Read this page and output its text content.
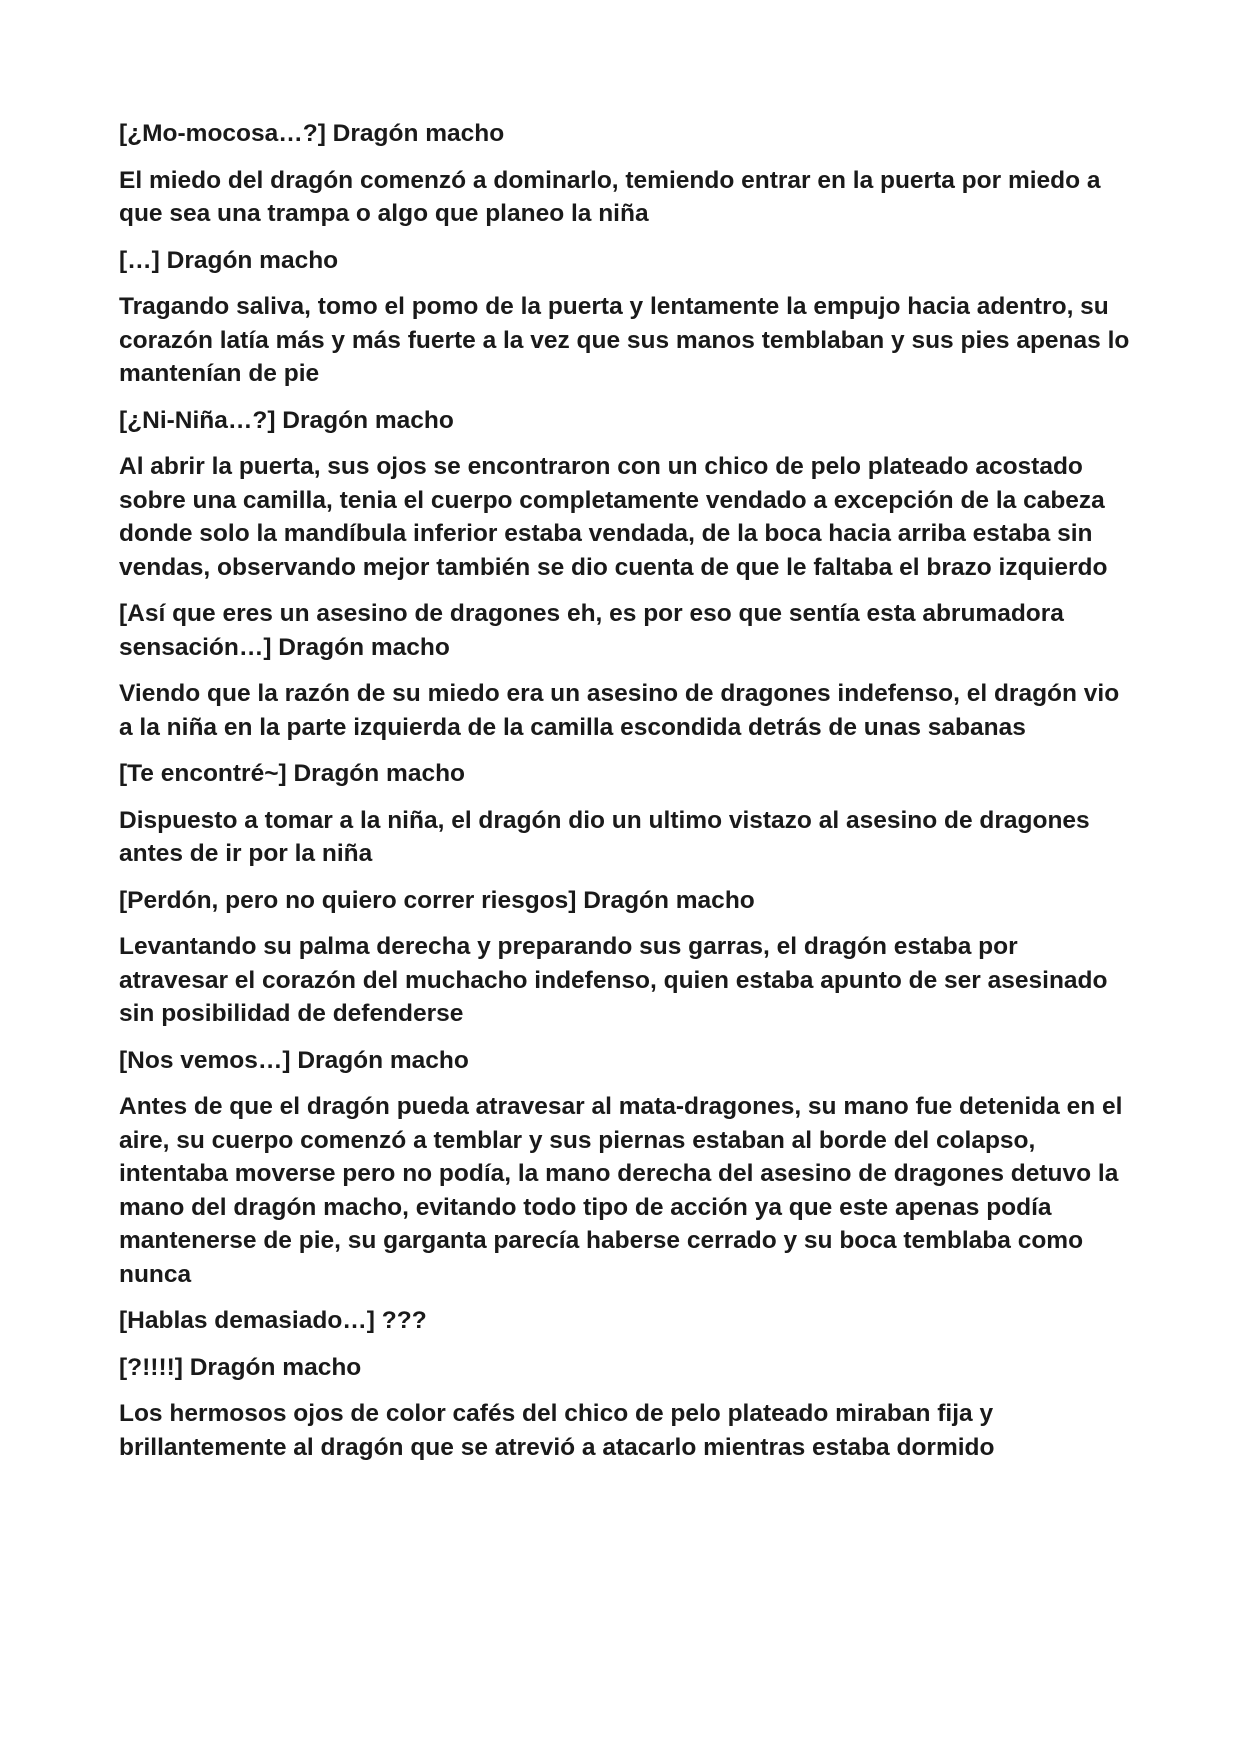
[¿Mo-mocosa…?] Dragón macho

El miedo del dragón comenzó a dominarlo, temiendo entrar en la puerta por miedo a que sea una trampa o algo que planeo la niña

[…] Dragón macho

Tragando saliva, tomo el pomo de la puerta y lentamente la empujo hacia adentro, su corazón latía más y más fuerte a la vez que sus manos temblaban y sus pies apenas lo mantenían de pie

[¿Ni-Niña…?] Dragón macho

Al abrir la puerta, sus ojos se encontraron con un chico de pelo plateado acostado sobre una camilla, tenia el cuerpo completamente vendado a excepción de la cabeza donde solo la mandíbula inferior estaba vendada, de la boca hacia arriba estaba sin vendas, observando mejor también se dio cuenta de que le faltaba el brazo izquierdo

[Así que eres un asesino de dragones eh, es por eso que sentía esta abrumadora sensación…] Dragón macho

Viendo que la razón de su miedo era un asesino de dragones indefenso, el dragón vio a la niña en la parte izquierda de la camilla escondida detrás de unas sabanas

[Te encontré~] Dragón macho

Dispuesto a tomar a la niña, el dragón dio un ultimo vistazo al asesino de dragones antes de ir por la niña

[Perdón, pero no quiero correr riesgos] Dragón macho

Levantando su palma derecha y preparando sus garras, el dragón estaba por atravesar el corazón del muchacho indefenso, quien estaba apunto de ser asesinado sin posibilidad de defenderse

[Nos vemos…] Dragón macho

Antes de que el dragón pueda atravesar al mata-dragones, su mano fue detenida en el aire, su cuerpo comenzó a temblar y sus piernas estaban al borde del colapso, intentaba moverse pero no podía, la mano derecha del asesino de dragones detuvo la mano del dragón macho, evitando todo tipo de acción ya que este apenas podía mantenerse de pie, su garganta parecía haberse cerrado y su boca temblaba como nunca

[Hablas demasiado…] ???

[?!!!!] Dragón macho

Los hermosos ojos de color cafés del chico de pelo plateado miraban fija y brillantemente al dragón que se atrevió a atacarlo mientras estaba dormido
